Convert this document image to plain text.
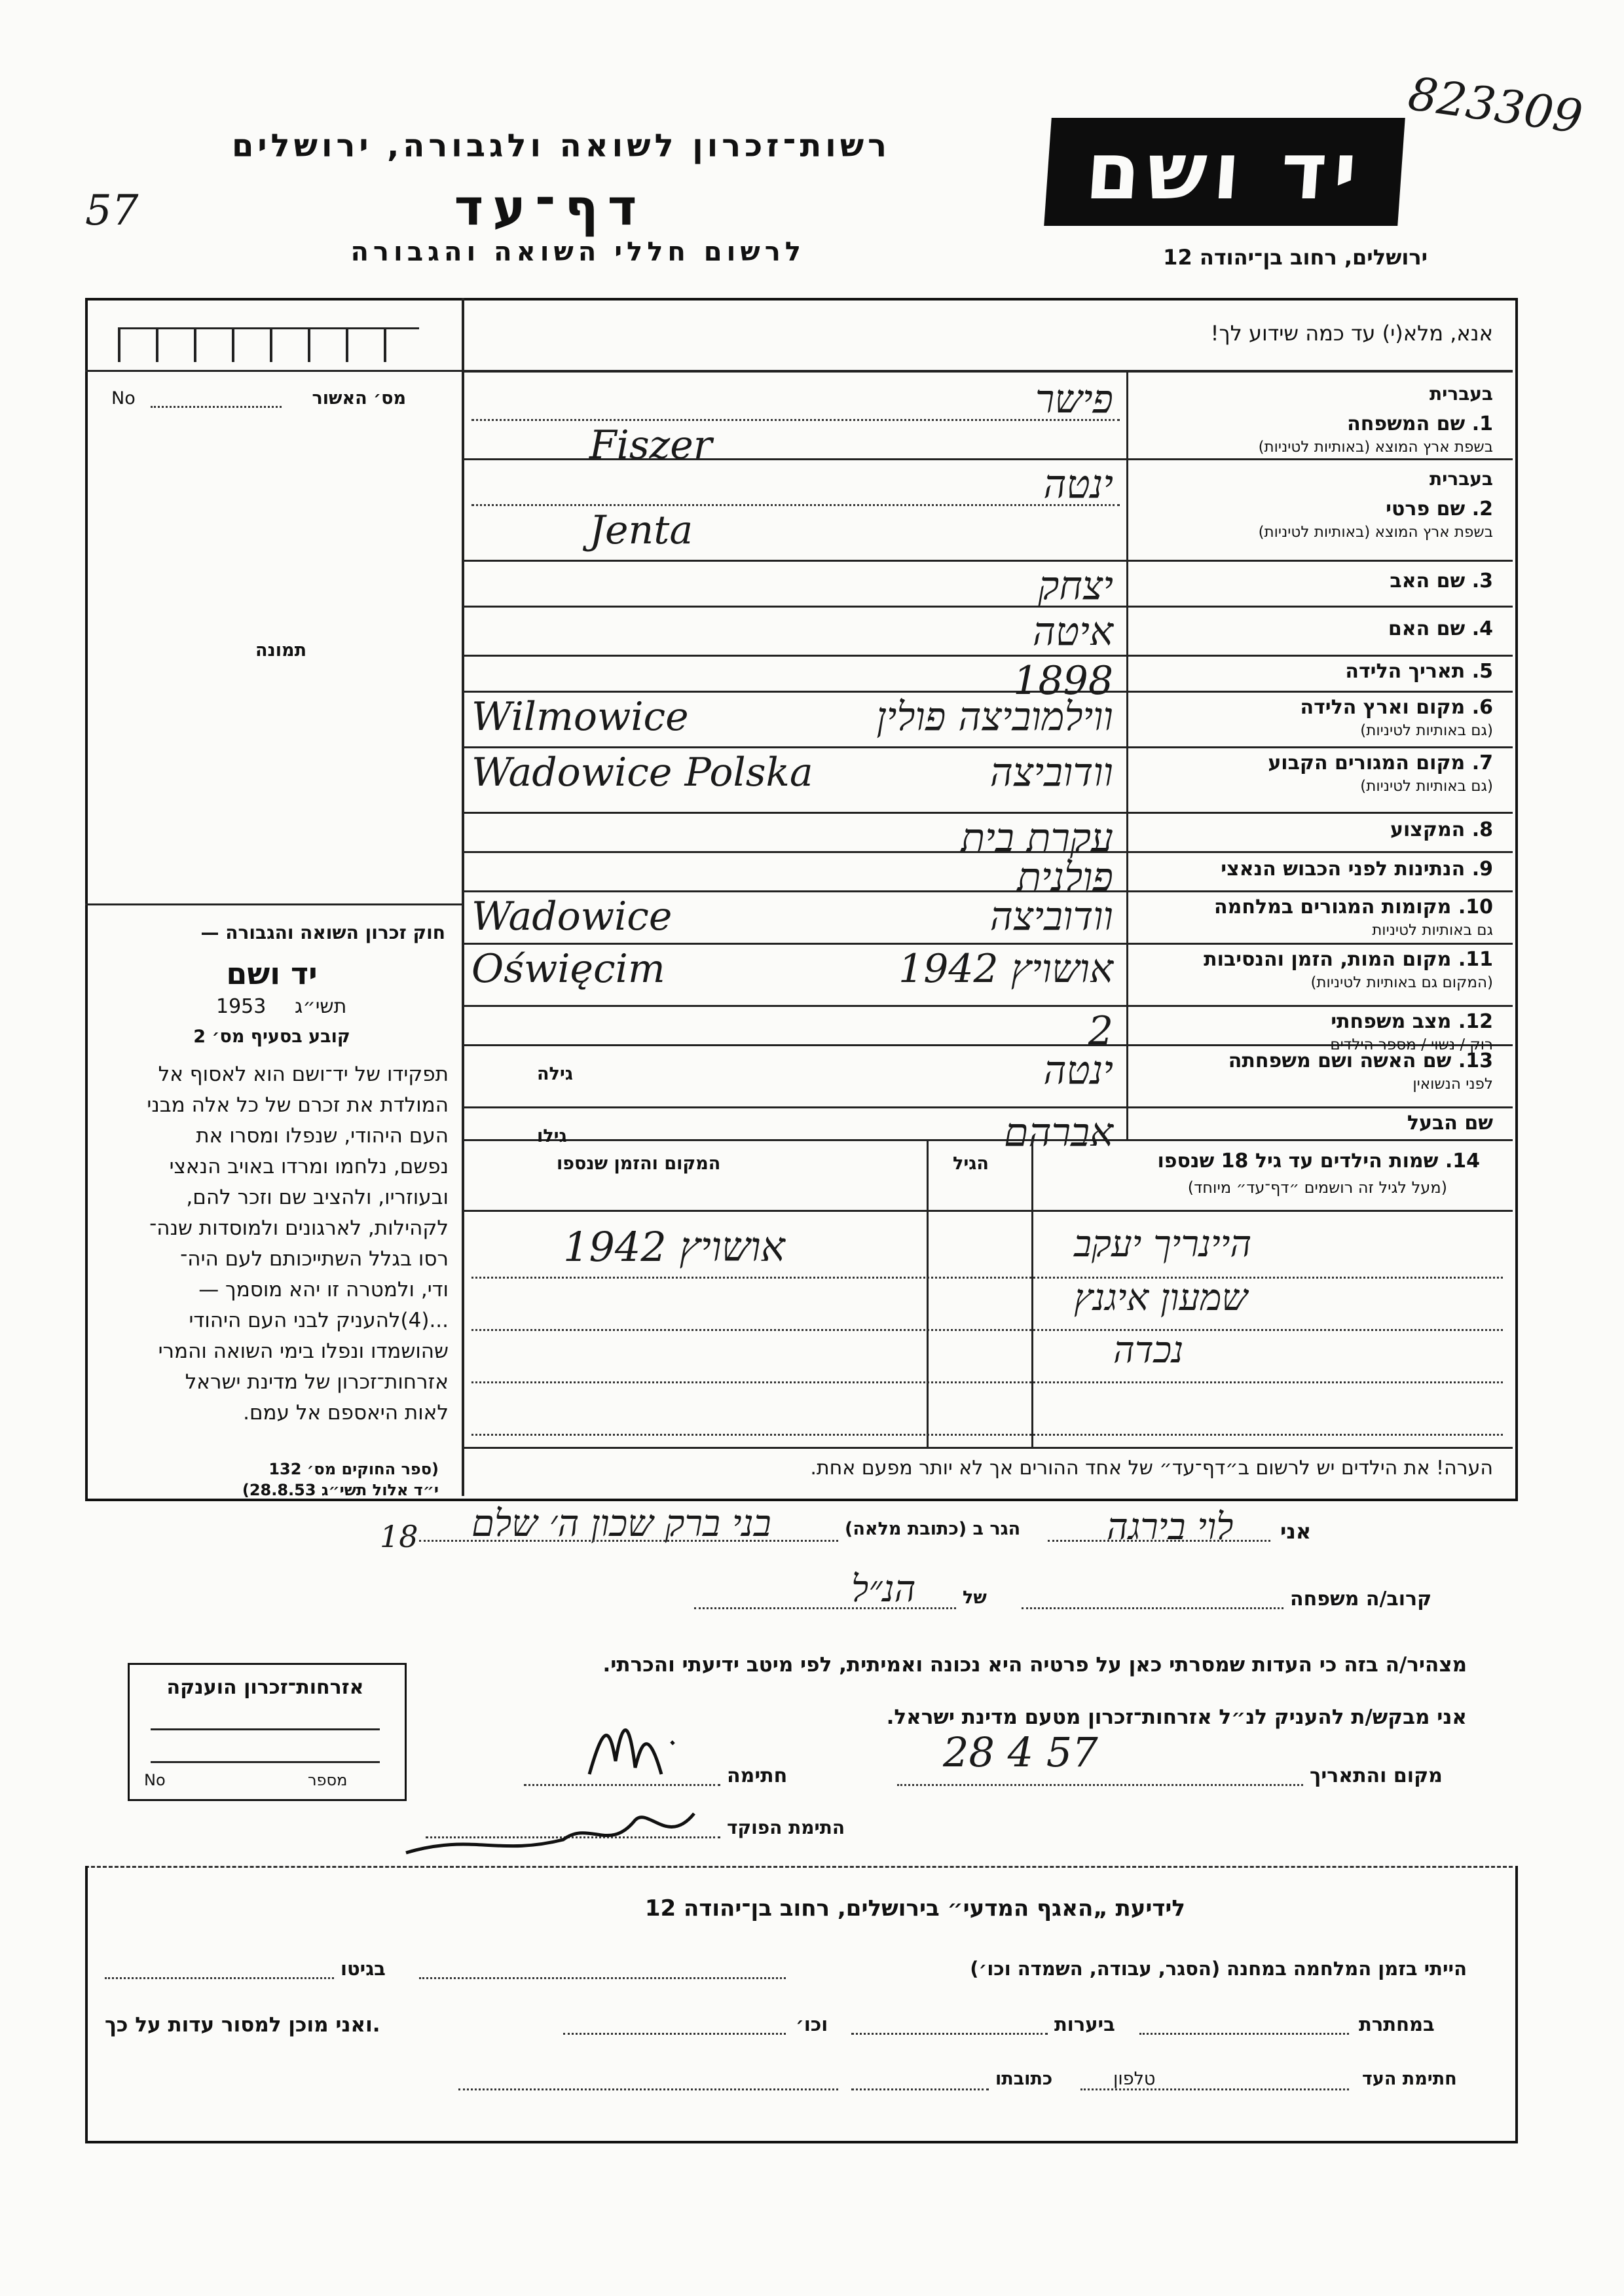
823309
57
רשות־זכרון לשואה ולגבורה, ירושלים
דף־עד
לרשום חללי השואה והגבורה
יד ושם
ירושלים, רחוב בן־יהודה 12
אנא, מלא(י) עד כמה שידוע לך!
מס׳ האשור
No
תמונה
חוק זכרון השואה והגבורה —
יד ושם
1953 תשי״ג
קובע בסעיף מס׳ 2
תפקידו של יד־ושם הוא לאסוף אל
המולדת את זכרם של כל אלה מבני
העם היהודי, שנפלו ומסרו את
נפשם, נלחמו ומרדו באויב הנאצי
ובעוזריו, ולהציב שם וזכר להם,
לקהילות, לארגונים ולמוסדות שנה־
רסו בגלל השתייכותם לעם היה־
ודי, ולמטרה זו יהא מוסמך —
...(4)להעניק לבני העם היהודי
שהושמדו ונפלו בימי השואה והמרי
אזרחות־זכרון של מדינת ישראל
לאות היאספם אל עמם.
(ספר החוקים מס׳ 132
י״ד אלול תשי״ג 28.8.53)
בעברית
בשפת ארץ המוצא (באותיות לטיניות)
1. שם המשפחה
פישר
Fiszer
בעברית
בשפת ארץ המוצא (באותיות לטיניות)
2. שם פרטי
ינטה
Jenta
3. שם האב
יצחק
4. שם האם
איטה
5. תאריך הלידה
1898
(גם באותיות לטיניות)
6. מקום וארץ הלידה
ווילמוביצה פולין
Wilmowice
(גם באותיות לטיניות)
7. מקום המגורים הקבוע
וודוביצה
Wadowice Polska
8. המקצוע
עקרת בית
9. הנתינות לפני הכבוש הנאצי
פולנית
גם באותיות לטיניות
10. מקומות המגורים במלחמה
וודוביצה
Wadowice
(המקום גם באותיות לטיניות)
11. מקום המות, הזמן והנסיבות
אושויץ 1942
Oświęcim
רוק / נשוי / מספר הילדים
12. מצב משפחתי
2
לפני הנשואין
13. שם האשה ושם משפחתה
ינטה
גילה
שם הבעל
אברהם
גילו
14. שמות הילדים עד גיל 18 שנספו
(מעל לגיל זה רושמים ״דף־עד״ מיוחד)
הגיל
המקום והזמן שנספו
היינריך יעקב
אושויץ 1942
שמעון איגנץ
נכדה
הערה! את הילדים יש לרשום ב״דף־עד״ של אחד ההורים אך לא יותר מפעם אחת.
אני
לוי בירגה
הגר ב (כתובת מלאה)
בני ברק שכון ה׳ שלם
18
קרוב/ה משפחה
של
הנ״ל
מצהיר/ה בזה כי העדות שמסרתי כאן על פרטיה היא נכונה ואמיתית, לפי מיטב ידיעתי והכרתי.
אני מבקש/ת להעניק לנ״ל אזרחות־זכרון מטעם מדינת ישראל.
מקום והתאריך
28 4 57
חתימה
התימת הפוקד
אזרחות־זכרון הוענקה
מספר
No
לידיעת „האגף המדעי״ בירושלים, רחוב בן־יהודה 12
הייתי בזמן המלחמה במחנה (הסגר, עבודה, השמדה וכו׳)
בגיטו
במחתרת
ביערות
וכו׳
ואני מוכן למסור עדות על כך.
חתימת העד
כתובתו	טלפון
